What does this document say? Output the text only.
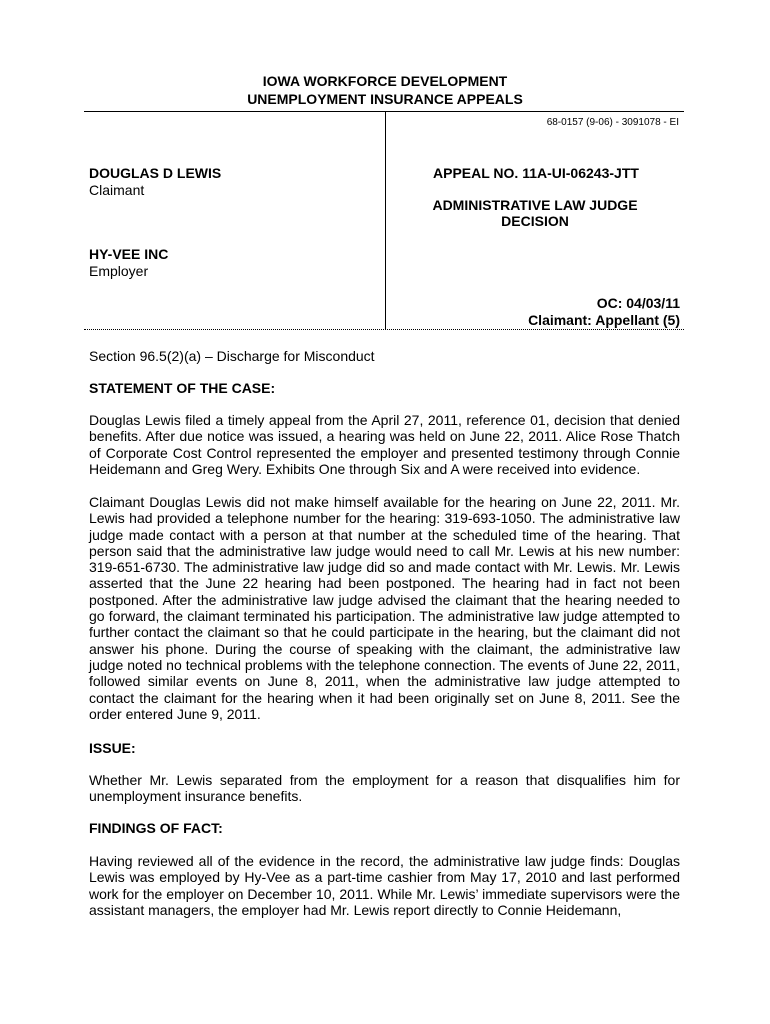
IOWA WORKFORCE DEVELOPMENT
UNEMPLOYMENT INSURANCE APPEALS
68-0157 (9-06) - 3091078 - EI
DOUGLAS D LEWIS
Claimant
HY-VEE INC
Employer
APPEAL NO. 11A-UI-06243-JTT
ADMINISTRATIVE LAW JUDGE
DECISION
OC: 04/03/11
Claimant: Appellant (5)
Section 96.5(2)(a) – Discharge for Misconduct
STATEMENT OF THE CASE:

Douglas Lewis filed a timely appeal from the April 27, 2011, reference 01, decision that denied benefits. After due notice was issued, a hearing was held on June 22, 2011. Alice Rose Thatch of Corporate Cost Control represented the employer and presented testimony through Connie Heidemann and Greg Wery. Exhibits One through Six and A were received into evidence.

Claimant Douglas Lewis did not make himself available for the hearing on June 22, 2011. Mr. Lewis had provided a telephone number for the hearing: 319-693-1050. The administrative law judge made contact with a person at that number at the scheduled time of the hearing. That person said that the administrative law judge would need to call Mr. Lewis at his new number: 319-651-6730. The administrative law judge did so and made contact with Mr. Lewis. Mr. Lewis asserted that the June 22 hearing had been postponed. The hearing had in fact not been postponed. After the administrative law judge advised the claimant that the hearing needed to go forward, the claimant terminated his participation. The administrative law judge attempted to further contact the claimant so that he could participate in the hearing, but the claimant did not answer his phone. During the course of speaking with the claimant, the administrative law judge noted no technical problems with the telephone connection. The events of June 22, 2011, followed similar events on June 8, 2011, when the administrative law judge attempted to contact the claimant for the hearing when it had been originally set on June 8, 2011. See the order entered June 9, 2011.

ISSUE:

Whether Mr. Lewis separated from the employment for a reason that disqualifies him for unemployment insurance benefits.

FINDINGS OF FACT:

Having reviewed all of the evidence in the record, the administrative law judge finds: Douglas Lewis was employed by Hy-Vee as a part-time cashier from May 17, 2010 and last performed work for the employer on December 10, 2011. While Mr. Lewis’ immediate supervisors were the assistant managers, the employer had Mr. Lewis report directly to Connie Heidemann,
